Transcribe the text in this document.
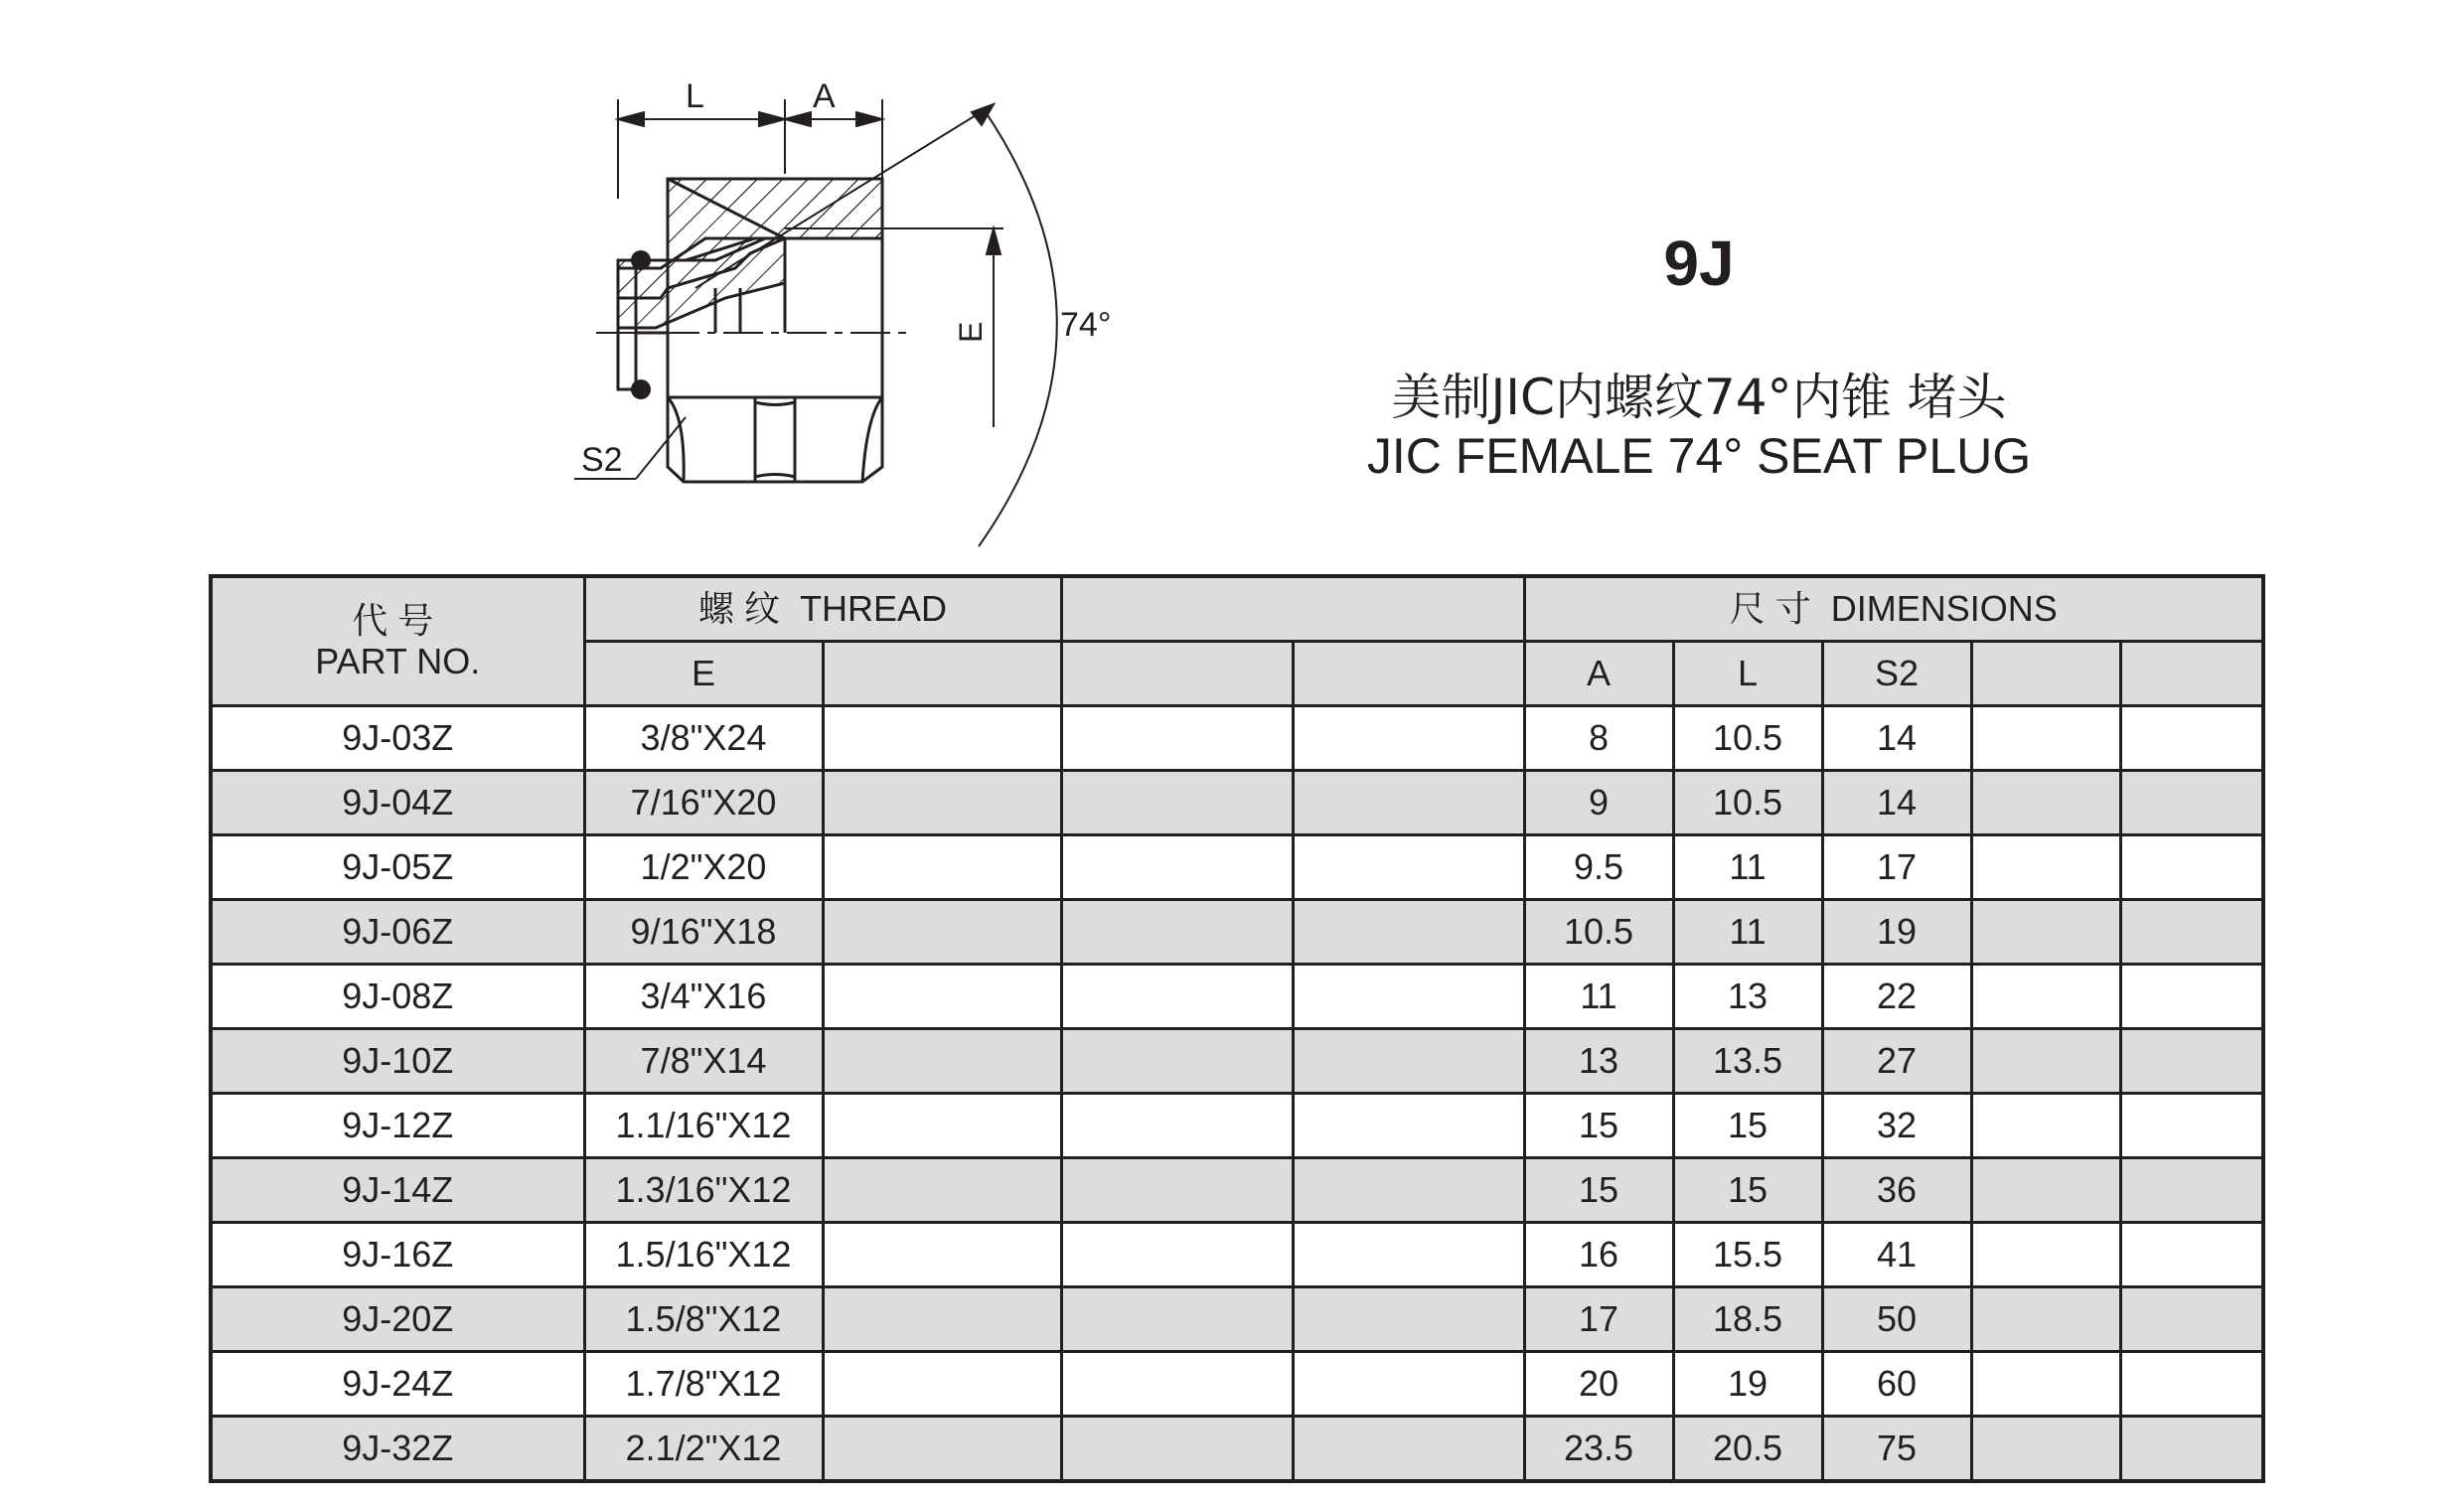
L	A
E 74°
S2
9J
美制JIC内螺纹74°内锥 堵头
JIC FEMALE 74° SEAT PLUG
代号
PART NO.	螺纹 THREAD				尺寸 DIMENSIONS				
	E				A	L	S2		
9J-03Z	3/8"X24				8	10.5	14		
9J-04Z	7/16"X20				9	10.5	14		
9J-05Z	1/2"X20				9.5	11	17		
9J-06Z	9/16"X18				10.5	11	19		
9J-08Z	3/4"X16				11	13	22		
9J-10Z	7/8"X14				13	13.5	27		
9J-12Z	1.1/16"X12				15	15	32		
9J-14Z	1.3/16"X12				15	15	36		
9J-16Z	1.5/16"X12				16	15.5	41		
9J-20Z	1.5/8"X12				17	18.5	50		
9J-24Z	1.7/8"X12				20	19	60		
9J-32Z	2.1/2"X12				23.5	20.5	75		
